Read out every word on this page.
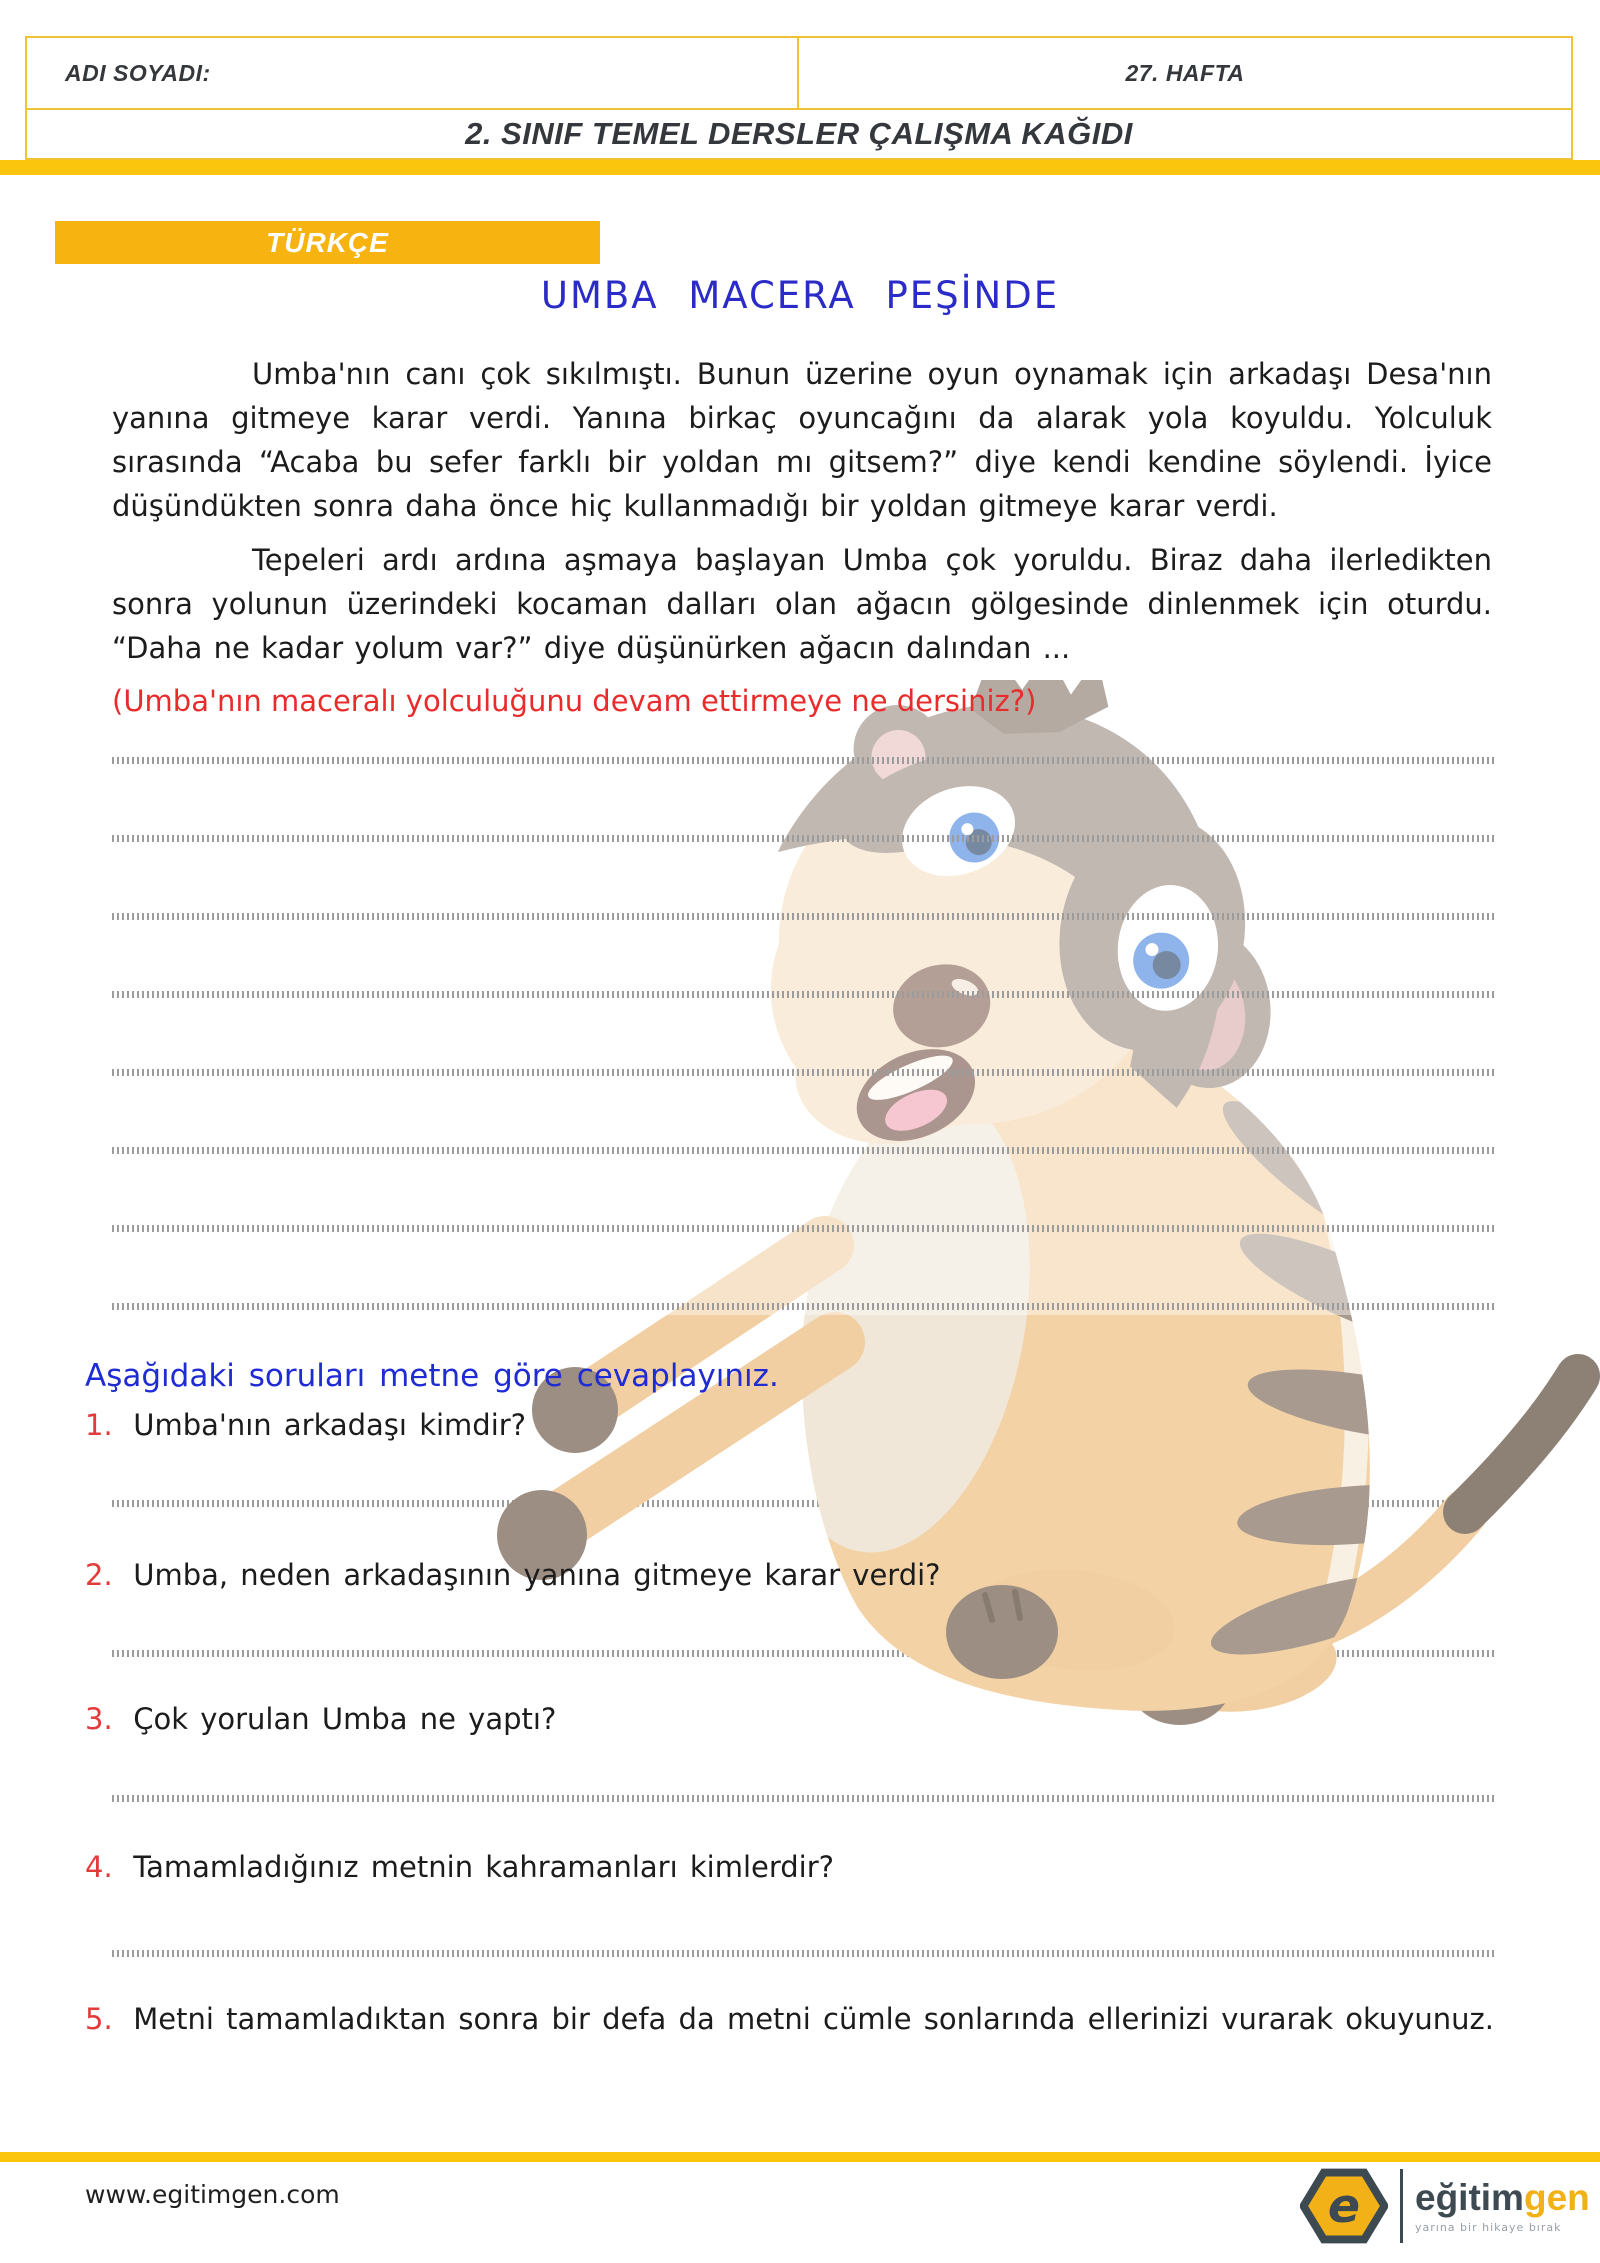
ADI SOYADI:	27. HAFTA
2. SINIF TEMEL DERSLER ÇALIŞMA KAĞIDI
TÜRKÇE
UMBA MACERA PEŞİNDE

Umba'nın canı çok sıkılmıştı. Bunun üzerine oyun oynamak için arkadaşı Desa'nın yanına gitmeye karar verdi. Yanına birkaç oyuncağını da alarak yola koyuldu. Yolculuk sırasında “Acaba bu sefer farklı bir yoldan mı gitsem?” diye kendi kendine söylendi. İyice düşündükten sonra daha önce hiç kullanmadığı bir yoldan gitmeye karar verdi.

Tepeleri ardı ardına aşmaya başlayan Umba çok yoruldu. Biraz daha ilerledikten sonra yolunun üzerindeki kocaman dalları olan ağacın gölgesinde dinlenmek için oturdu. “Daha ne kadar yolum var?” diye düşünürken ağacın dalından ...

(Umba'nın maceralı yolculuğunu devam ettirmeye ne dersiniz?)
Aşağıdaki soruları metne göre cevaplayınız.
1. Umba'nın arkadaşı kimdir?
2. Umba, neden arkadaşının yanına gitmeye karar verdi?
3. Çok yorulan Umba ne yaptı?
4. Tamamladığınız metnin kahramanları kimlerdir?
5. Metni tamamladıktan sonra bir defa da metni cümle sonlarında ellerinizi vurarak okuyunuz.
www.egitimgen.com	e eğitimgen
yarına bir hikaye bırak
